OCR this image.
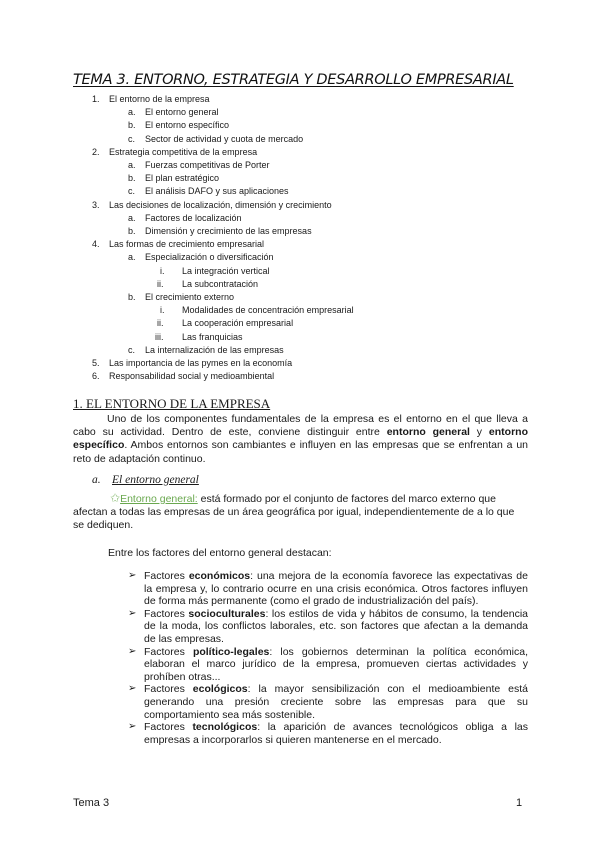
TEMA 3. ENTORNO, ESTRATEGIA Y DESARROLLO EMPRESARIAL
1. El entorno de la empresa
a. El entorno general
b. El entorno específico
c. Sector de actividad y cuota de mercado
2. Estrategia competitiva de la empresa
a. Fuerzas competitivas de Porter
b. El plan estratégico
c. El análisis DAFO y sus aplicaciones
3. Las decisiones de localización, dimensión y crecimiento
a. Factores de localización
b. Dimensión y crecimiento de las empresas
4. Las formas de crecimiento empresarial
a. Especialización o diversificación
i. La integración vertical
ii. La subcontratación
b. El crecimiento externo
i. Modalidades de concentración empresarial
ii. La cooperación empresarial
iii. Las franquicias
c. La internalización de las empresas
5. Las importancia de las pymes en la economía
6. Responsabilidad social y medioambiental
1. EL ENTORNO DE LA EMPRESA
Uno de los componentes fundamentales de la empresa es el entorno en el que lleva a cabo su actividad. Dentro de este, conviene distinguir entre entorno general y entorno específico. Ambos entornos son cambiantes e influyen en las empresas que se enfrentan a un reto de adaptación continuo.
a. El entorno general
✩Entorno general: está formado por el conjunto de factores del marco externo que afectan a todas las empresas de un área geográfica por igual, independientemente de a lo que se dediquen.
Entre los factores del entorno general destacan:
➢ Factores económicos: una mejora de la economía favorece las expectativas de la empresa y, lo contrario ocurre en una crisis económica. Otros factores influyen de forma más permanente (como el grado de industrialización del país).
➢ Factores socioculturales: los estilos de vida y hábitos de consumo, la tendencia de la moda, los conflictos laborales, etc. son factores que afectan a la demanda de las empresas.
➢ Factores político-legales: los gobiernos determinan la política económica, elaboran el marco jurídico de la empresa, promueven ciertas actividades y prohíben otras...
➢ Factores ecológicos: la mayor sensibilización con el medioambiente está generando una presión creciente sobre las empresas para que su comportamiento sea más sostenible.
➢ Factores tecnológicos: la aparición de avances tecnológicos obliga a las empresas a incorporarlos si quieren mantenerse en el mercado.
Tema 3	1
